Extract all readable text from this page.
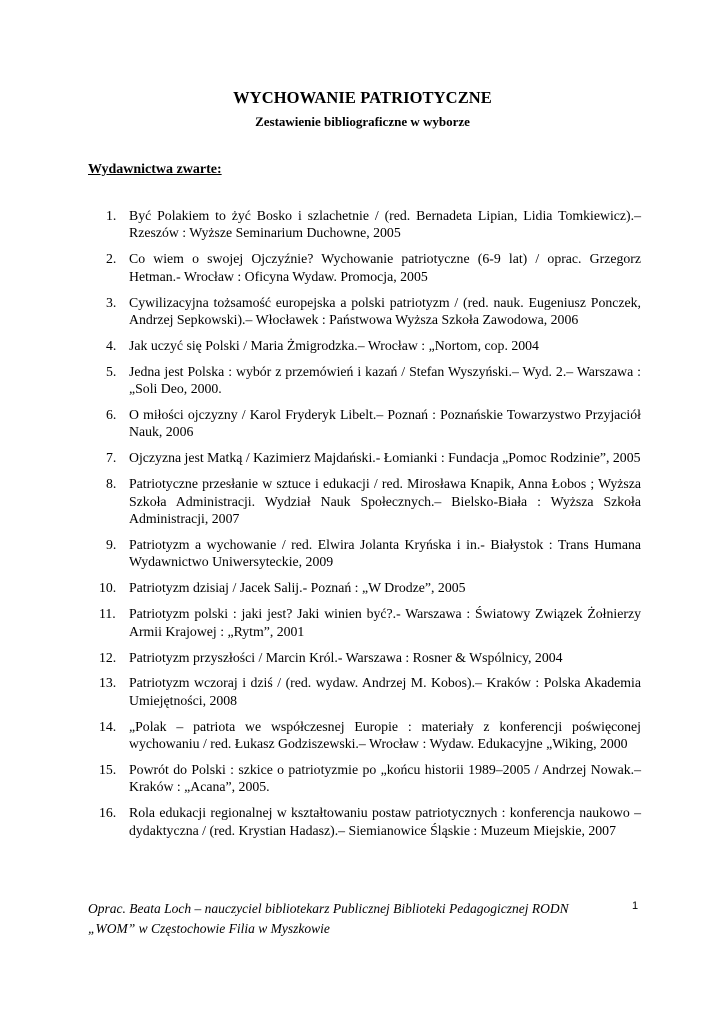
WYCHOWANIE PATRIOTYCZNE
Zestawienie bibliograficzne w wyborze
Wydawnictwa zwarte:
1. Być Polakiem to żyć Bosko i szlachetnie / (red. Bernadeta Lipian, Lidia Tomkiewicz).– Rzeszów : Wyższe Seminarium Duchowne, 2005
2. Co wiem o swojej Ojczyźnie? Wychowanie patriotyczne (6-9 lat) / oprac. Grzegorz Hetman.- Wrocław : Oficyna Wydaw. Promocja, 2005
3. Cywilizacyjna tożsamość europejska a polski patriotyzm / (red. nauk. Eugeniusz Ponczek, Andrzej Sepkowski).– Włocławek : Państwowa Wyższa Szkoła Zawodowa, 2006
4. Jak uczyć się Polski / Maria Żmigrodzka.– Wrocław : „Nortom, cop. 2004
5. Jedna jest Polska : wybór z przemówień i kazań / Stefan Wyszyński.– Wyd. 2.– Warszawa : „Soli Deo, 2000.
6. O miłości ojczyzny / Karol Fryderyk Libelt.– Poznań : Poznańskie Towarzystwo Przyjaciół Nauk, 2006
7. Ojczyzna jest Matką / Kazimierz Majdański.- Łomianki : Fundacja „Pomoc Rodzinie”, 2005
8. Patriotyczne przesłanie w sztuce i edukacji / red. Mirosława Knapik, Anna Łobos ; Wyższa Szkoła Administracji. Wydział Nauk Społecznych.– Bielsko-Biała : Wyższa Szkoła Administracji, 2007
9. Patriotyzm a wychowanie / red. Elwira Jolanta Kryńska i in.- Białystok : Trans Humana Wydawnictwo Uniwersyteckie, 2009
10. Patriotyzm dzisiaj / Jacek Salij.- Poznań : „W Drodze”, 2005
11. Patriotyzm polski : jaki jest? Jaki winien być?.- Warszawa : Światowy Związek Żołnierzy Armii Krajowej : „Rytm”, 2001
12. Patriotyzm przyszłości / Marcin Król.- Warszawa : Rosner & Wspólnicy, 2004
13. Patriotyzm wczoraj i dziś / (red. wydaw. Andrzej M. Kobos).– Kraków : Polska Akademia Umiejętności, 2008
14. „Polak – patriota we współczesnej Europie : materiały z konferencji poświęconej wychowaniu / red. Łukasz Godziszewski.– Wrocław : Wydaw. Edukacyjne „Wiking, 2000
15. Powrót do Polski : szkice o patriotyzmie po „końcu historii 1989–2005 / Andrzej Nowak.– Kraków : „Acana”, 2005.
16. Rola edukacji regionalnej w kształtowaniu postaw patriotycznych : konferencja naukowo – dydaktyczna / (red. Krystian Hadasz).– Siemianowice Śląskie : Muzeum Miejskie, 2007
Oprac. Beata Loch – nauczyciel bibliotekarz Publicznej Biblioteki Pedagogicznej RODN
„WOM” w Częstochowie Filia w Myszkowie
1
